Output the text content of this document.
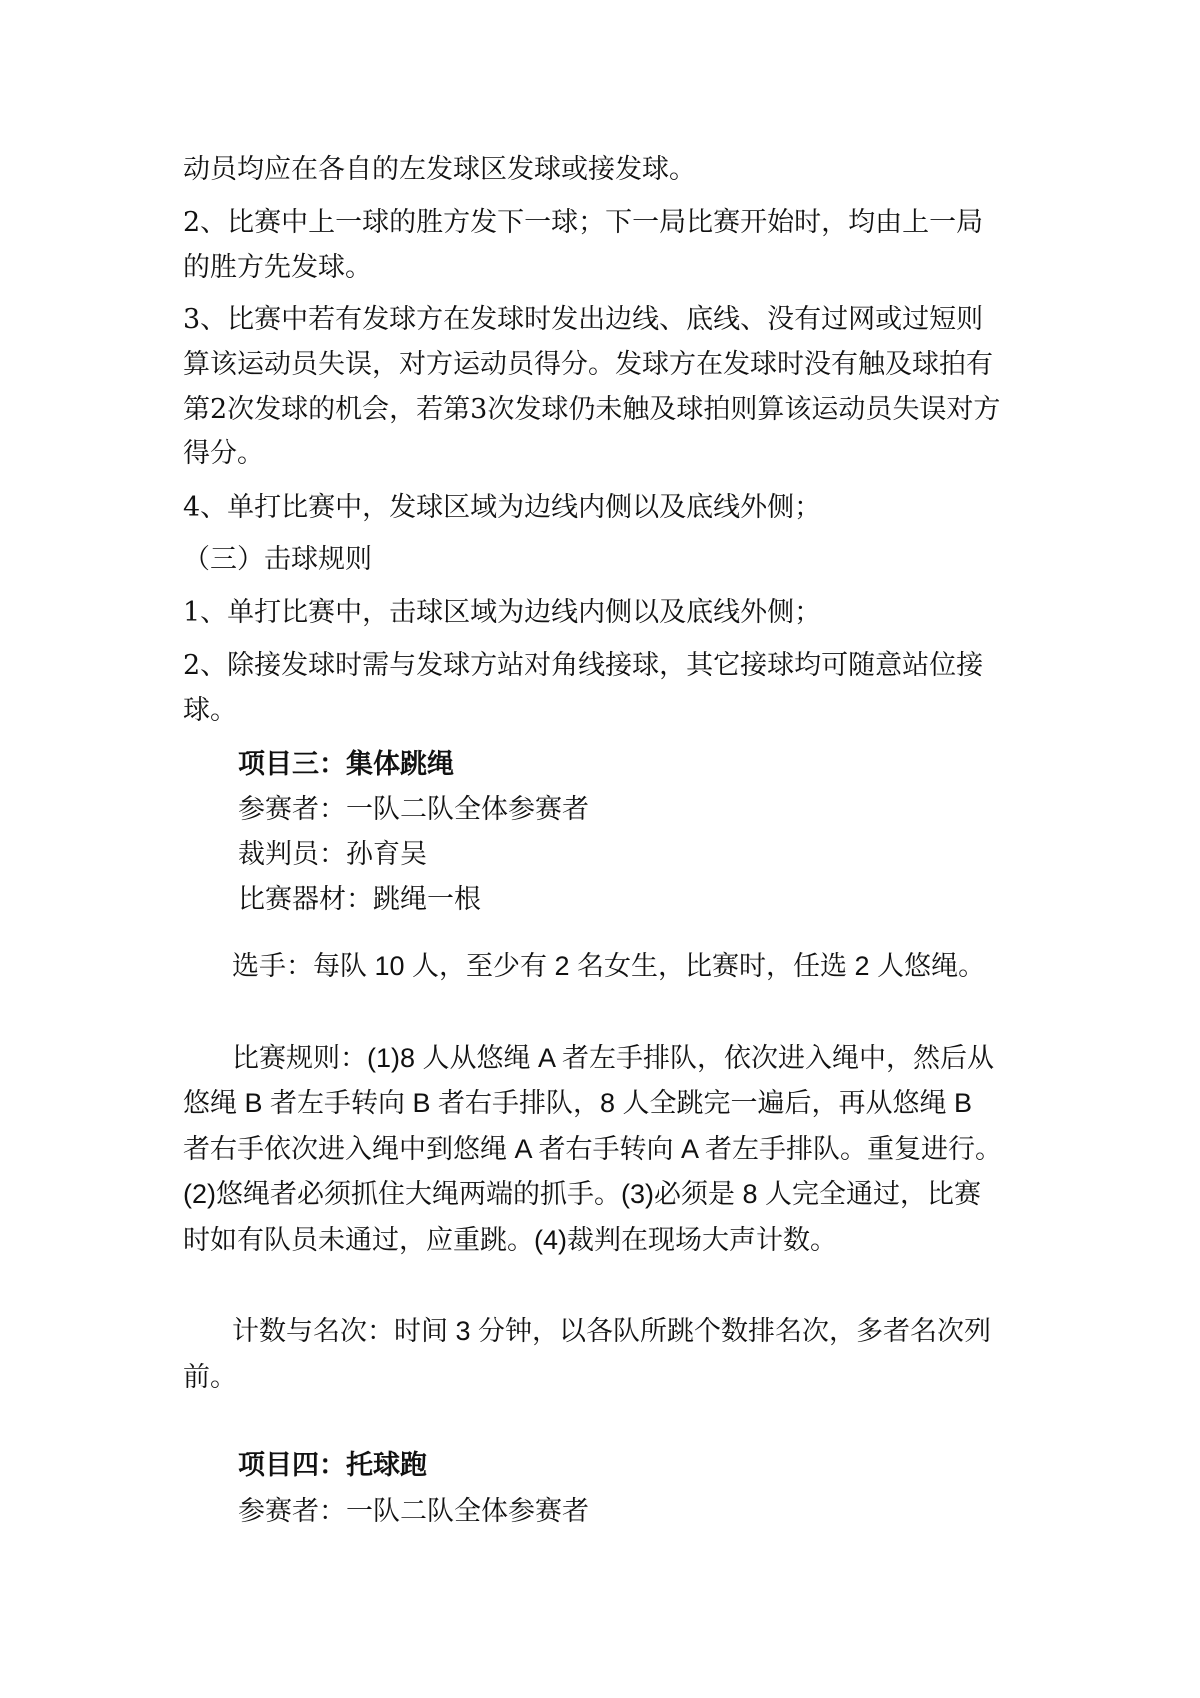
动员均应在各自的左发球区发球或接发球。
2、比赛中上一球的胜方发下一球；下一局比赛开始时，均由上一局
的胜方先发球。
3、比赛中若有发球方在发球时发出边线、底线、没有过网或过短则
算该运动员失误，对方运动员得分。发球方在发球时没有触及球拍有
第2次发球的机会，若第3次发球仍未触及球拍则算该运动员失误对方
得分。
4、单打比赛中，发球区域为边线内侧以及底线外侧；
（三）击球规则
1、单打比赛中，击球区域为边线内侧以及底线外侧；
2、除接发球时需与发球方站对角线接球，其它接球均可随意站位接
球。
项目三：集体跳绳
参赛者：一队二队全体参赛者
裁判员：孙育吴
比赛器材：跳绳一根
选手：每队 10 人，至少有 2 名女生，比赛时，任选 2 人悠绳。
比赛规则：(1)8 人从悠绳 A 者左手排队，依次进入绳中，然后从
悠绳 B 者左手转向 B 者右手排队，8 人全跳完一遍后，再从悠绳 B
者右手依次进入绳中到悠绳 A 者右手转向 A 者左手排队。重复进行。
(2)悠绳者必须抓住大绳两端的抓手。(3)必须是 8 人完全通过，比赛
时如有队员未通过，应重跳。(4)裁判在现场大声计数。
计数与名次：时间 3 分钟，以各队所跳个数排名次，多者名次列
前。
项目四：托球跑
参赛者：一队二队全体参赛者
